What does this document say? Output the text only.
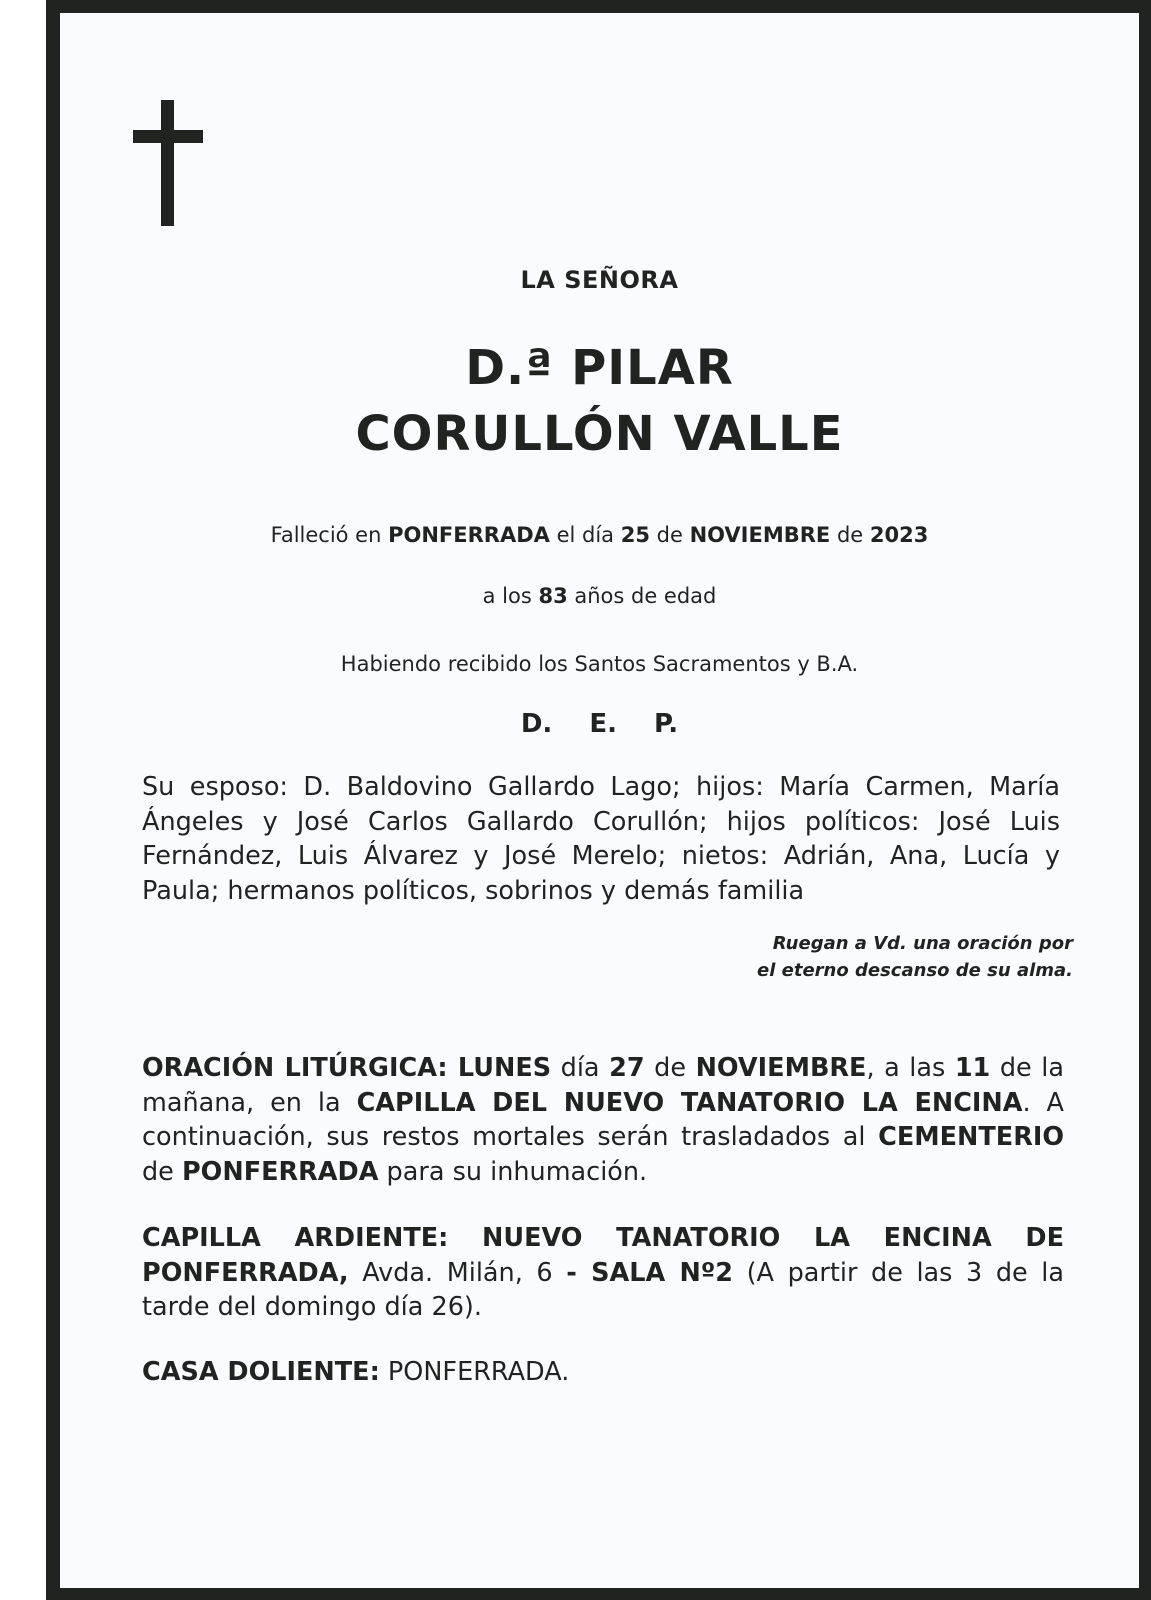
LA SEÑORA
D.ª PILAR
CORULLÓN VALLE
Falleció en PONFERRADA el día 25 de NOVIEMBRE de 2023
a los 83 años de edad
Habiendo recibido los Santos Sacramentos y B.A.
D. E. P.
Su esposo: D. Baldovino Gallardo Lago; hijos: María Carmen, María Ángeles y José Carlos Gallardo Corullón; hijos políticos: José Luis Fernández, Luis Álvarez y José Merelo; nietos: Adrián, Ana, Lucía y Paula; hermanos políticos, sobrinos y demás familia
Ruegan a Vd. una oración por
el eterno descanso de su alma.
ORACIÓN LITÚRGICA: LUNES día 27 de NOVIEMBRE, a las 11 de la mañana, en la CAPILLA DEL NUEVO TANATORIO LA ENCINA. A continuación, sus restos mortales serán trasladados al CEMENTERIO de PONFERRADA para su inhumación.
CAPILLA ARDIENTE: NUEVO TANATORIO LA ENCINA DE PONFERRADA, Avda. Milán, 6 - SALA Nº2 (A partir de las 3 de la tarde del domingo día 26).
CASA DOLIENTE: PONFERRADA.
